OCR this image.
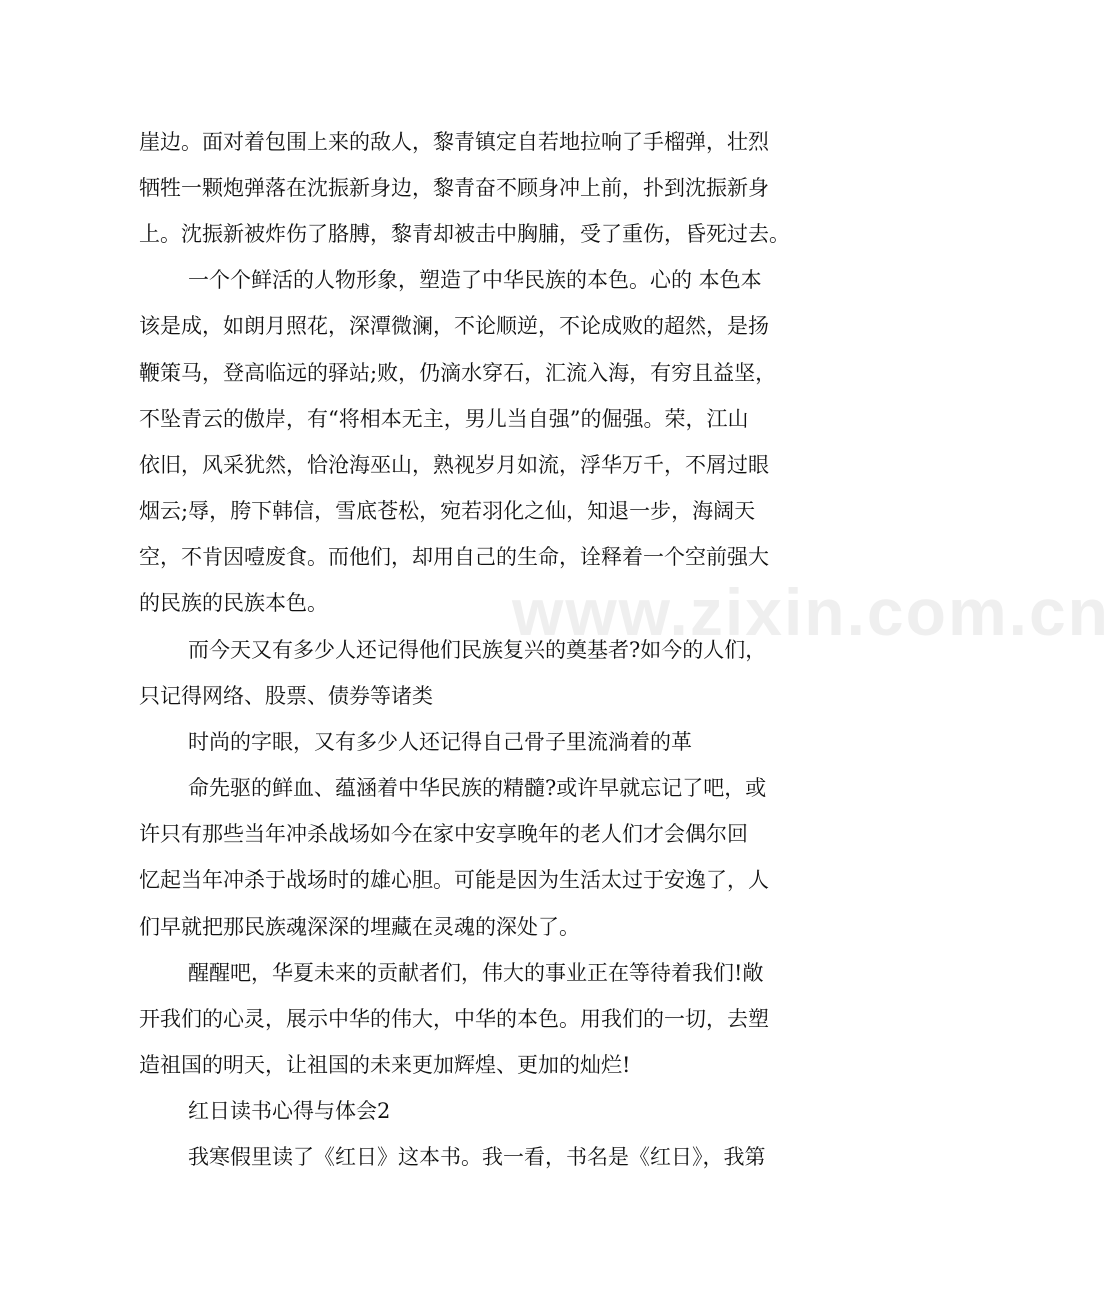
www.zixin.com.cn

崖边。面对着包围上来的敌人，黎青镇定自若地拉响了手榴弹，壮烈

牺牲一颗炮弹落在沈振新身边，黎青奋不顾身冲上前，扑到沈振新身

上。沈振新被炸伤了胳膊，黎青却被击中胸脯，受了重伤，昏死过去。

一个个鲜活的人物形象，塑造了中华民族的本色。心的 本色本

该是成，如朗月照花，深潭微澜，不论顺逆，不论成败的超然，是扬

鞭策马，登高临远的驿站;败，仍滴水穿石，汇流入海，有穷且益坚，

不坠青云的傲岸，有“将相本无主，男儿当自强”的倔强。荣，江山

依旧，风采犹然，恰沧海巫山，熟视岁月如流，浮华万千，不屑过眼

烟云;辱，胯下韩信，雪底苍松，宛若羽化之仙，知退一步，海阔天

空，不肯因噎废食。而他们，却用自己的生命，诠释着一个空前强大

的民族的民族本色。

而今天又有多少人还记得他们民族复兴的奠基者?如今的人们，

只记得网络、股票、债券等诸类

时尚的字眼，又有多少人还记得自己骨子里流淌着的革

命先驱的鲜血、蕴涵着中华民族的精髓?或许早就忘记了吧，或

许只有那些当年冲杀战场如今在家中安享晚年的老人们才会偶尔回

忆起当年冲杀于战场时的雄心胆。可能是因为生活太过于安逸了，人

们早就把那民族魂深深的埋藏在灵魂的深处了。

醒醒吧，华夏未来的贡献者们，伟大的事业正在等待着我们!敞

开我们的心灵，展示中华的伟大，中华的本色。用我们的一切，去塑

造祖国的明天，让祖国的未来更加辉煌、更加的灿烂!

红日读书心得与体会2

我寒假里读了《红日》这本书。我一看，书名是《红日》，我第
